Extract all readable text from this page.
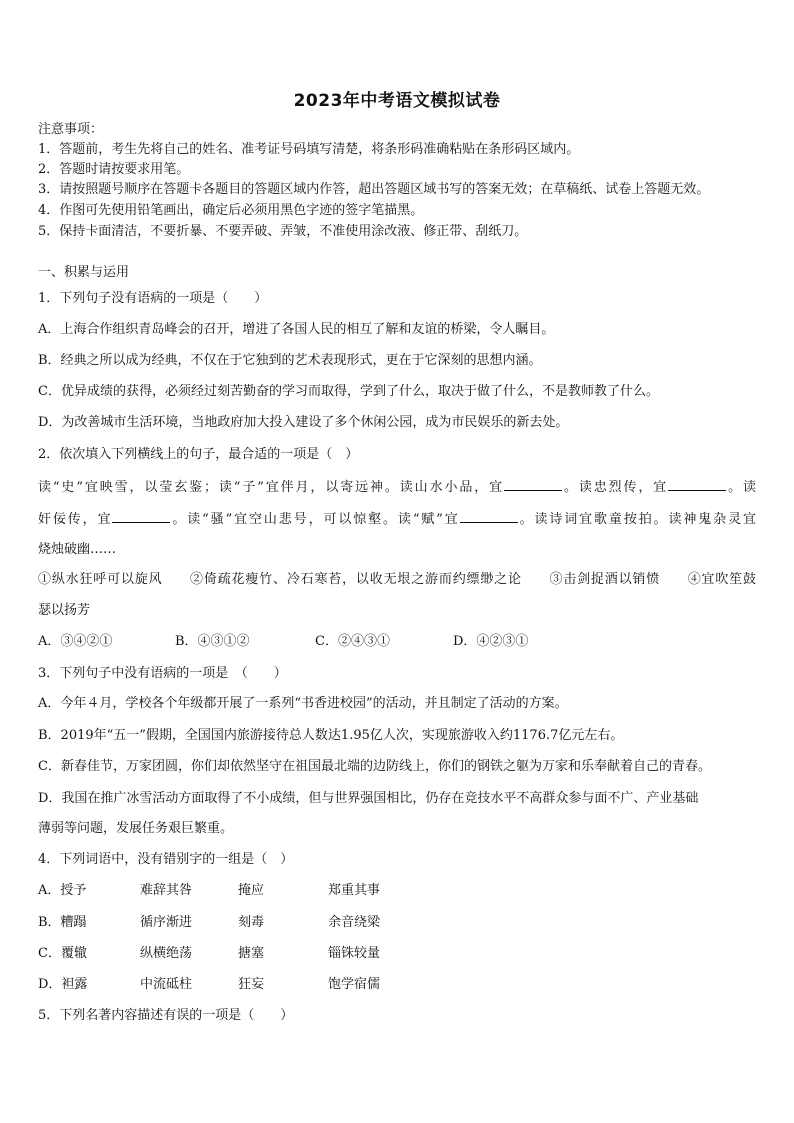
2023年中考语文模拟试卷
注意事项：
1．答题前，考生先将自己的姓名、准考证号码填写清楚，将条形码准确粘贴在条形码区域内。
2．答题时请按要求用笔。
3．请按照题号顺序在答题卡各题目的答题区域内作答，超出答题区域书写的答案无效；在草稿纸、试卷上答题无效。
4．作图可先使用铅笔画出，确定后必须用黑色字迹的签字笔描黑。
5．保持卡面清洁，不要折暴、不要弄破、弄皱，不准使用涂改液、修正带、刮纸刀。
一、积累与运用
1．下列句子没有语病的一项是（　　）
A．上海合作组织青岛峰会的召开，增进了各国人民的相互了解和友谊的桥梁，令人瞩目。
B．经典之所以成为经典，不仅在于它独到的艺术表现形式，更在于它深刻的思想内涵。
C．优异成绩的获得，必须经过刻苦勤奋的学习而取得，学到了什么，取决于做了什么，不是教师教了什么。
D．为改善城市生活环境，当地政府加大投入建设了多个休闲公园，成为市民娱乐的新去处。
2．依次填入下列横线上的句子，最合适的一项是（　）
读“史”宜映雪，以莹玄鉴；读“子”宜伴月，以寄远神。读山水小品，宜	。读忠烈传，宜	。读
奸佞传，宜	。读“骚”宜空山悲号，可以惊壑。读“赋”宜	。读诗词宜歌童按拍。读神鬼杂灵宜
烧烛破幽……
①纵水狂呼可以旋风　　②倚疏花瘦竹、冷石寒苔，以收无垠之游而约缥缈之论　　③击剑捉酒以销愤　　④宜吹笙鼓
瑟以扬芳
A．③④②①	B．④③①②	C．②④③①	D．④②③①
3．下列句子中没有语病的一项是　（　　）
A．今年４月，学校各个年级都开展了一系列“书香进校园”的活动，并且制定了活动的方案。
B．2019年“五一”假期，全国国内旅游接待总人数达1.95亿人次，实现旅游收入约1176.7亿元左右。
C．新春佳节，万家团圆，你们却依然坚守在祖国最北端的边防线上，你们的钢铁之躯为万家和乐奉献着自己的青春。
D．我国在推广冰雪活动方面取得了不小成绩，但与世界强国相比，仍存在竞技水平不高群众参与面不广、产业基础
薄弱等问题，发展任务艰巨繁重。
4．下列词语中，没有错别字的一组是（　）
A．授予	难辞其咎	掩应	郑重其事
B．糟蹋	循序渐进	刻毒	余音绕梁
C．覆辙	纵横绝荡	搪塞	锱铢较量
D．袒露	中流砥柱	狂妄	饱学宿儒
5．下列名著内容描述有误的一项是（　　）
